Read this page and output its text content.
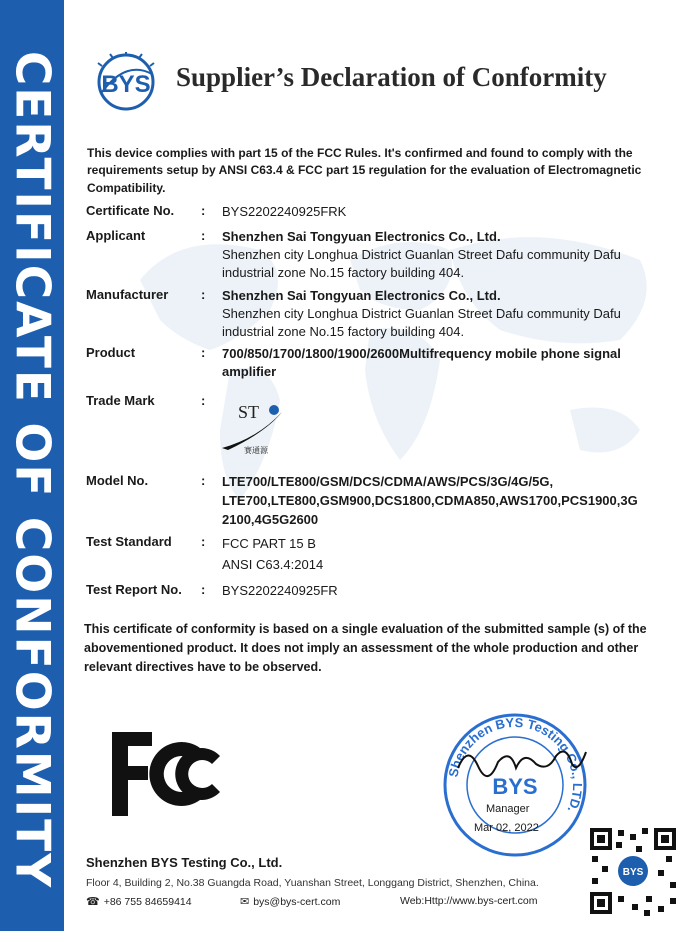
CERTIFICATE OF CONFORMITY BYS Supplier’s Declaration of Conformity
This device complies with part 15 of the FCC Rules. It's confirmed and found to comply with the requirements setup by ANSI C63.4 & FCC part 15 regulation for the evaluation of Electromagnetic Compatibility.
Certificate No. : BYS2202240925FRK
Applicant	: Shenzhen Sai Tongyuan Electronics Co., Ltd.
Shenzhen city Longhua District Guanlan Street Dafu community Dafu industrial zone No.15 factory building 404.
Manufacturer	: Shenzhen Sai Tongyuan Electronics Co., Ltd.
Shenzhen city Longhua District Guanlan Street Dafu community Dafu industrial zone No.15 factory building 404.
Product	: 700/850/1700/1800/1900/2600Multifrequency mobile phone signal amplifier
Trade Mark	:
ST
赛通源
Model No.	: LTE700/LTE800/GSM/DCS/CDMA/AWS/PCS/3G/4G/5G,
LTE700,LTE800,GSM900,DCS1800,CDMA850,AWS1700,PCS1900,3G 2100,4G5G2600
Test Standard : FCC PART 15 B
ANSI C63.4:2014
Test Report No. : BYS2202240925FR
This certificate of conformity is based on a single evaluation of the submitted sample (s) of the abovementioned product. It does not imply an assessment of the whole production and other relevant directives have to be observed.
FC
Shenzhen BYS Testing Co., LTD.
BYS
Yang Huang
Manager
Mar 02, 2022
BYS
Shenzhen BYS Testing Co., Ltd.
Floor 4, Building 2, No.38 Guangda Road, Yuanshan Street, Longgang District, Shenzhen, China.
☎ +86 755 84659414	✉ bys@bys-cert.com	Web:Http://www.bys-cert.com
